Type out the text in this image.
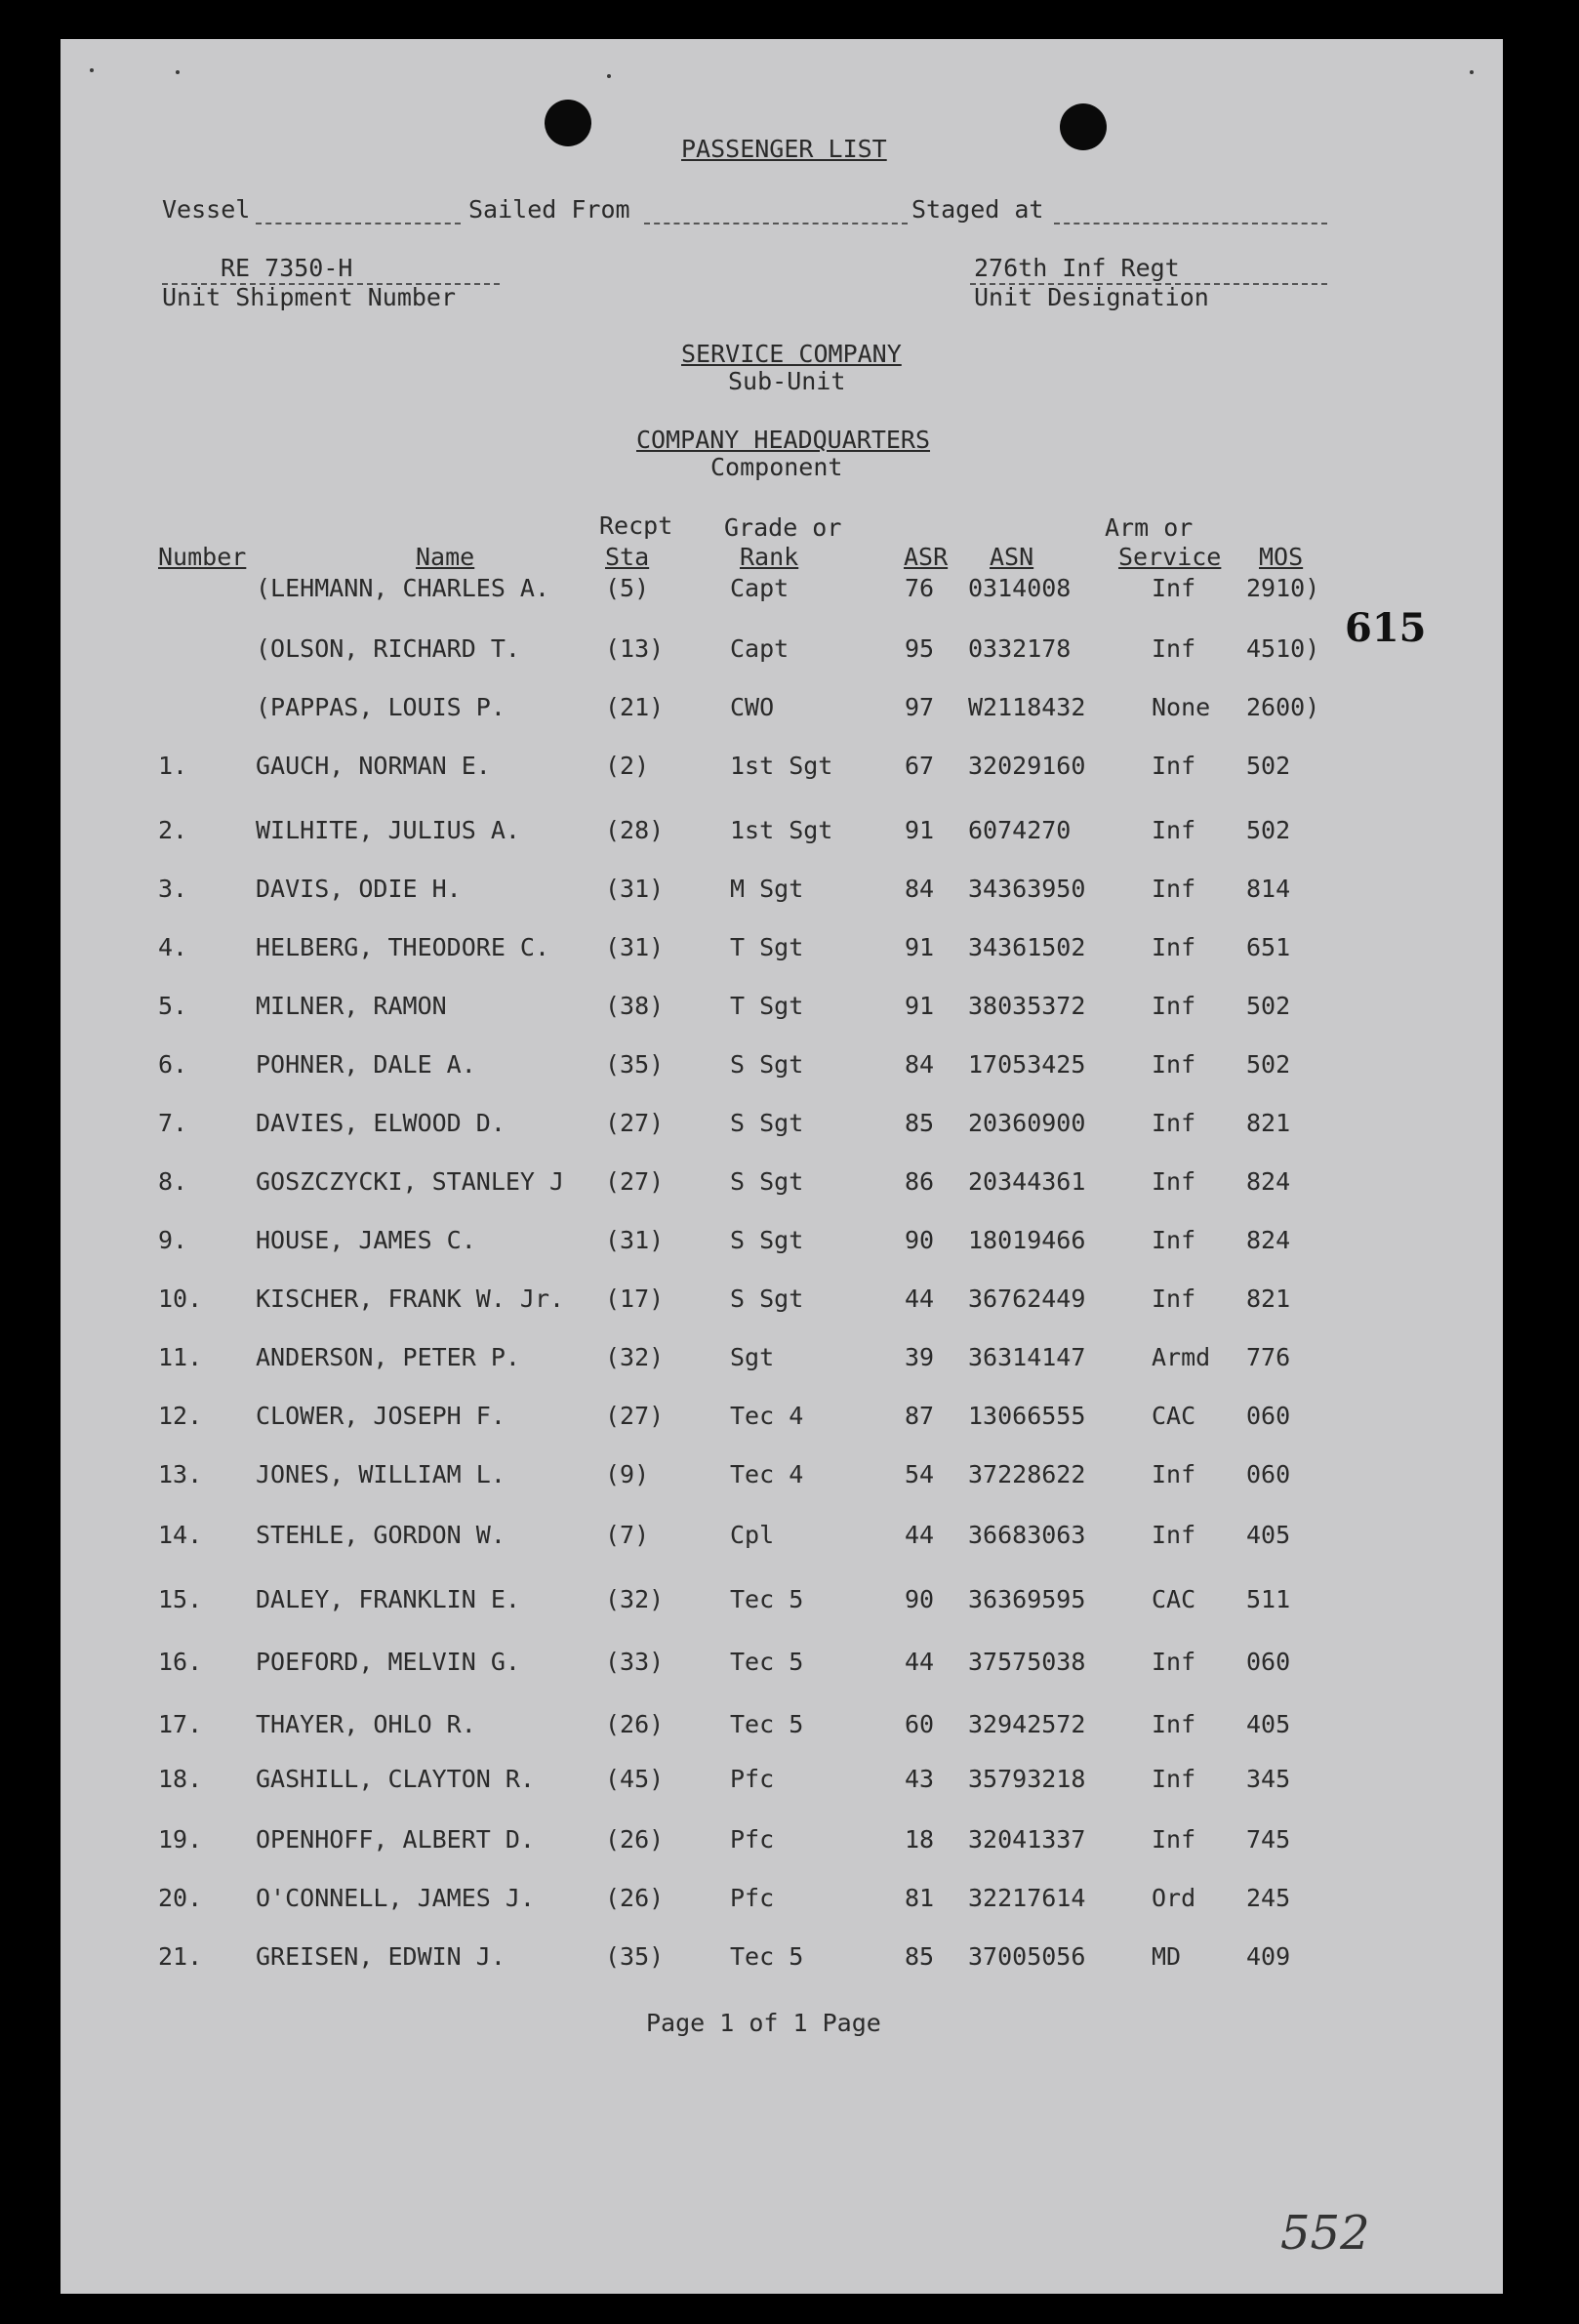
PASSENGER LIST
Vessel	Sailed From	Staged at
RE 7350-H
Unit Shipment Number
276th Inf Regt
Unit Designation
SERVICE COMPANY
Sub-Unit
COMPANY HEADQUARTERS
Component
615
Recpt Grade or	Arm or
Number	Name	Sta	Rank	ASR ASN	Service MOS
(LEHMANN, CHARLES A. (5)	Capt	76 0314008	Inf 2910)
(OLSON, RICHARD T.	(13)	Capt	95 0332178	Inf 4510)
(PAPPAS, LOUIS P.	(21)	CWO	97 W2118432	None 2600)
1.	GAUCH, NORMAN E.	(2)	1st Sgt	67 32029160	Inf 502
2.	WILHITE, JULIUS A.	(28)	1st Sgt	91 6074270	Inf 502
3.	DAVIS, ODIE H.	(31)	M Sgt	84 34363950	Inf 814
4.	HELBERG, THEODORE C. (31)	T Sgt	91 34361502	Inf 651
5.	MILNER, RAMON	(38)	T Sgt	91 38035372	Inf 502
6.	POHNER, DALE A.	(35)	S Sgt	84 17053425	Inf 502
7.	DAVIES, ELWOOD D.	(27)	S Sgt	85 20360900	Inf 821
8.	GOSZCZYCKI, STANLEY J (27)	S Sgt	86 20344361	Inf 824
9.	HOUSE, JAMES C.	(31)	S Sgt	90 18019466	Inf 824
10. KISCHER, FRANK W. Jr. (17)	S Sgt	44 36762449	Inf 821
11. ANDERSON, PETER P.	(32)	Sgt	39 36314147	Armd 776
12. CLOWER, JOSEPH F.	(27)	Tec 4	87 13066555	CAC 060
13. JONES, WILLIAM L.	(9)	Tec 4	54 37228622	Inf 060
14. STEHLE, GORDON W.	(7)	Cpl	44 36683063	Inf 405
15. DALEY, FRANKLIN E.	(32)	Tec 5	90 36369595	CAC 511
16. POEFORD, MELVIN G.	(33)	Tec 5	44 37575038	Inf 060
17. THAYER, OHLO R.	(26)	Tec 5	60 32942572	Inf 405
18. GASHILL, CLAYTON R.	(45)	Pfc	43 35793218	Inf 345
19. OPENHOFF, ALBERT D.	(26)	Pfc	18 32041337	Inf 745
20. O'CONNELL, JAMES J.	(26)	Pfc	81 32217614	Ord 245
21. GREISEN, EDWIN J.	(35)	Tec 5	85 37005056	MD	409
Page 1 of 1 Page
552
